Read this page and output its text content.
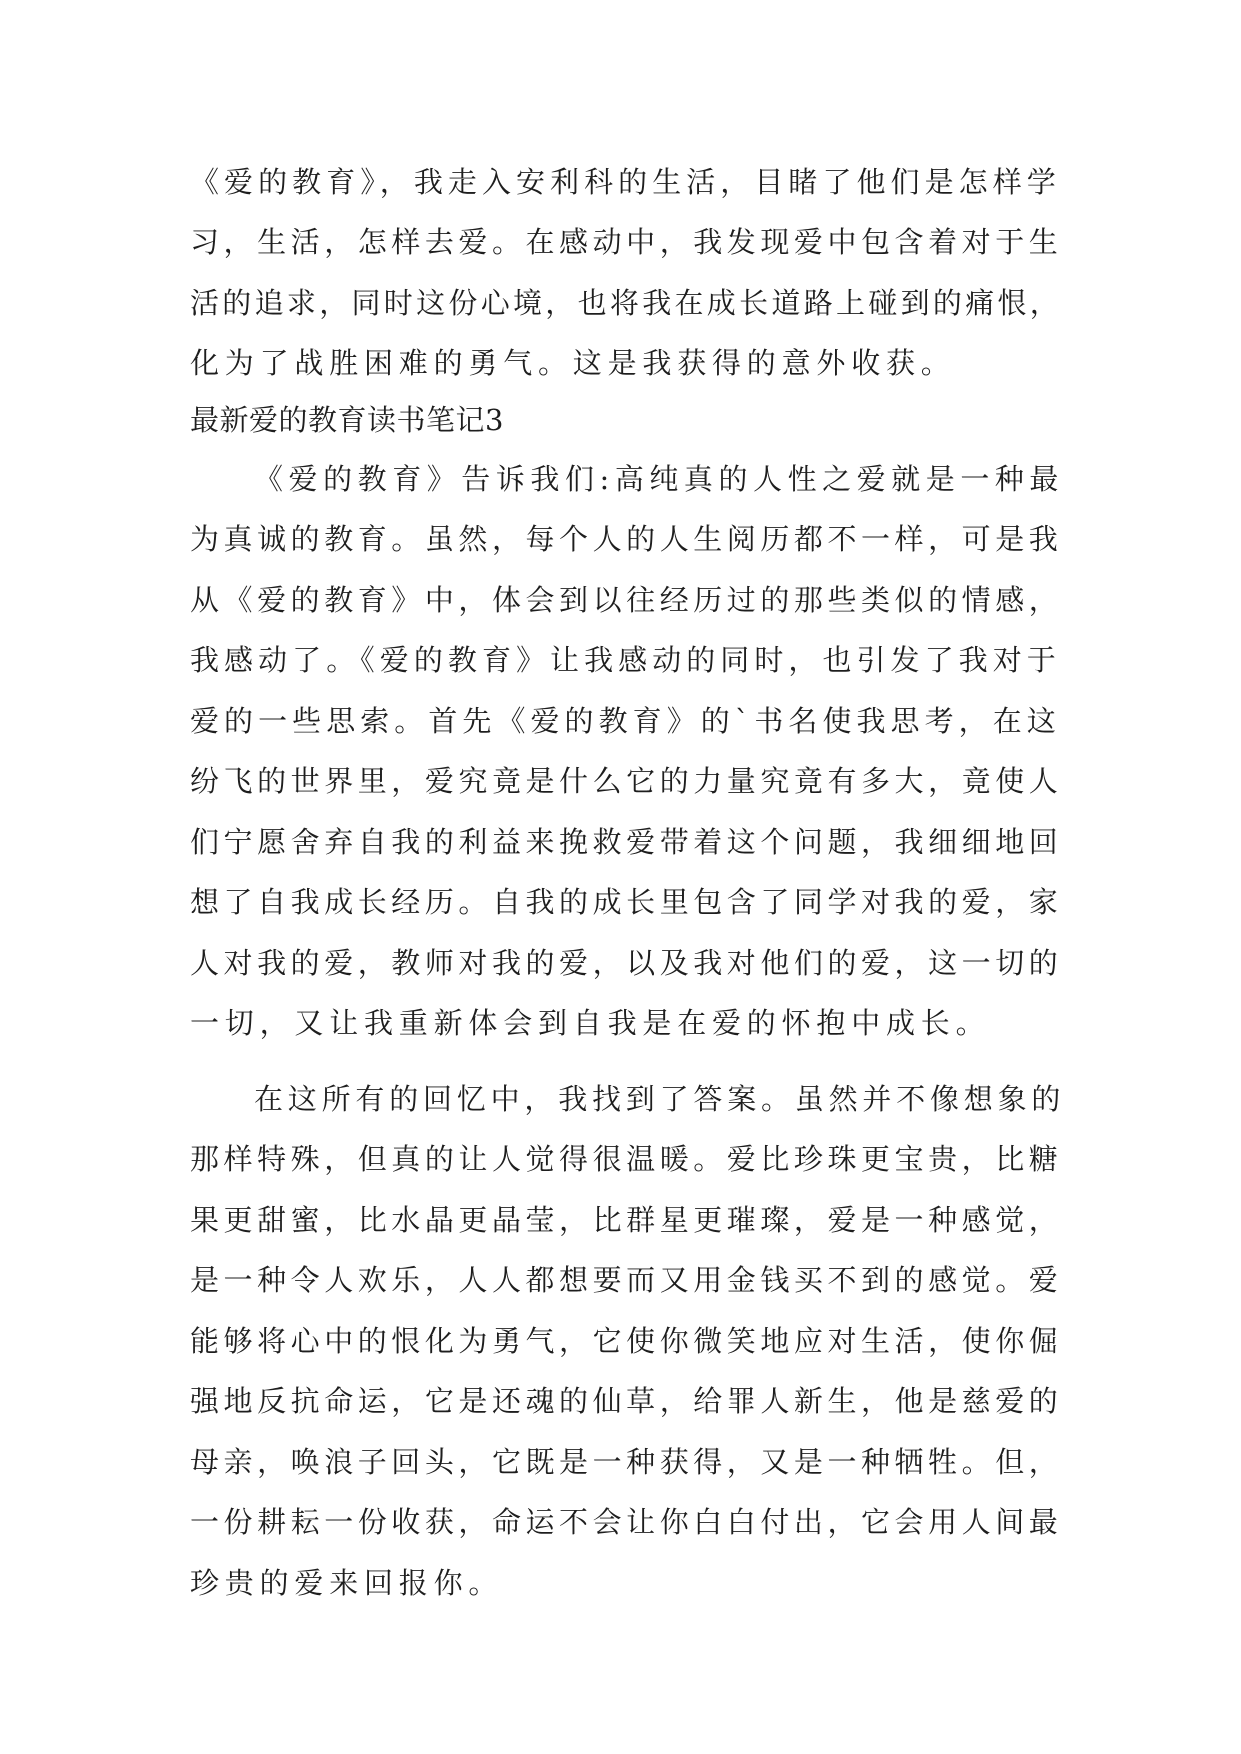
《爱的教育》，我走入安利科的生活，目睹了他们是怎样学
习，生活，怎样去爱。在感动中，我发现爱中包含着对于生
活的追求，同时这份心境，也将我在成长道路上碰到的痛恨，
化为了战胜困难的勇气。这是我获得的意外收获。
最新爱的教育读书笔记3
《爱的教育》告诉我们:高纯真的人性之爱就是一种最
为真诚的教育。虽然，每个人的人生阅历都不一样，可是我
从《爱的教育》中，体会到以往经历过的那些类似的情感，
我感动了。《爱的教育》让我感动的同时，也引发了我对于
爱的一些思索。首先《爱的教育》的`书名使我思考，在这
纷飞的世界里，爱究竟是什么它的力量究竟有多大，竟使人
们宁愿舍弃自我的利益来挽救爱带着这个问题，我细细地回
想了自我成长经历。自我的成长里包含了同学对我的爱，家
人对我的爱，教师对我的爱，以及我对他们的爱，这一切的
一切，又让我重新体会到自我是在爱的怀抱中成长。
在这所有的回忆中，我找到了答案。虽然并不像想象的
那样特殊，但真的让人觉得很温暖。爱比珍珠更宝贵，比糖
果更甜蜜，比水晶更晶莹，比群星更璀璨，爱是一种感觉，
是一种令人欢乐，人人都想要而又用金钱买不到的感觉。爱
能够将心中的恨化为勇气，它使你微笑地应对生活，使你倔
强地反抗命运，它是还魂的仙草，给罪人新生，他是慈爱的
母亲，唤浪子回头，它既是一种获得，又是一种牺牲。但，
一份耕耘一份收获，命运不会让你白白付出，它会用人间最
珍贵的爱来回报你。
